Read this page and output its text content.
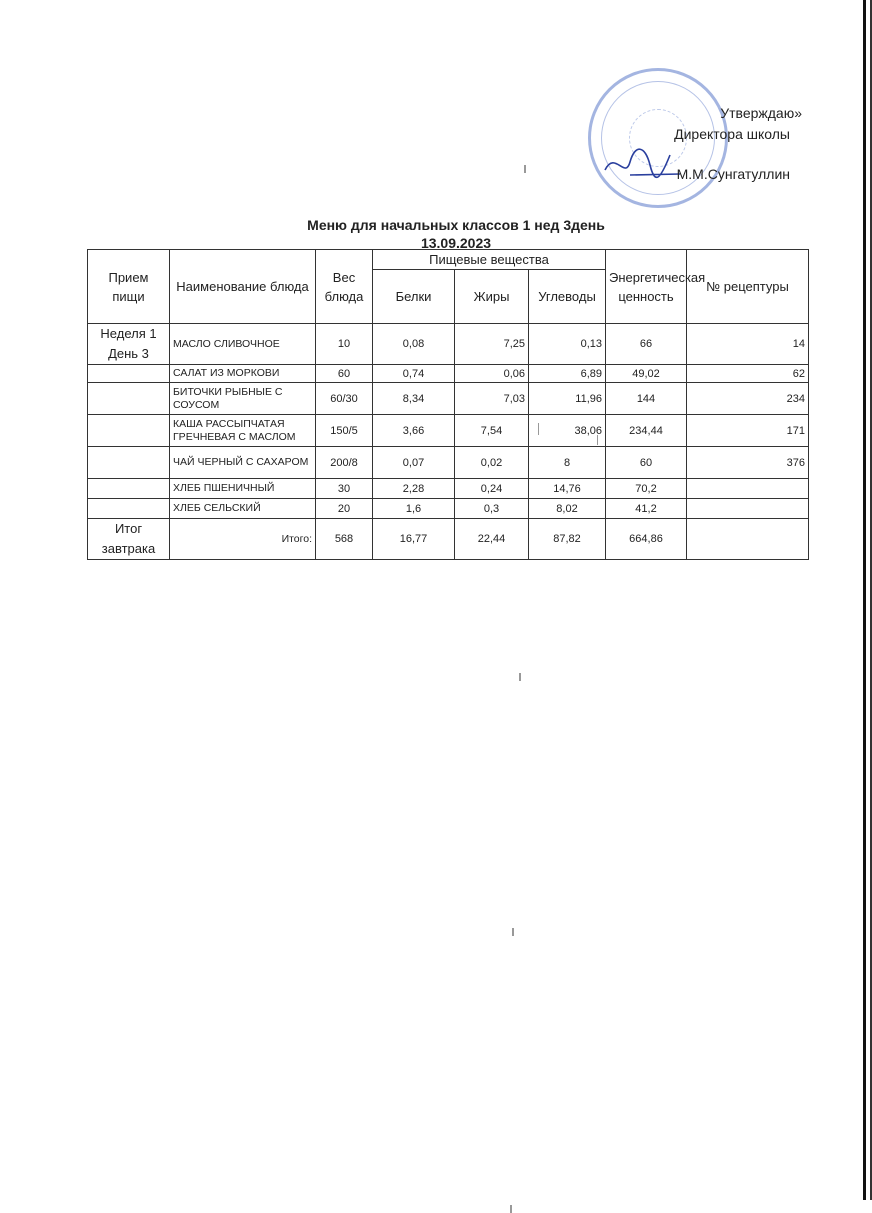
Утверждаю»
Директора школы
М.М.Сунгатуллин
Меню для начальных классов 1 нед 3день
13.09.2023
Прием пищи	Наименование блюда	Вес блюда	Пищевые вещества			Энергетическая ценность	№ рецептуры
			Белки	Жиры	Углеводы		
Неделя 1 День 3	МАСЛО СЛИВОЧНОЕ	10	0,08	7,25	0,13	66	14
	САЛАТ ИЗ МОРКОВИ	60	0,74	0,06	6,89	49,02	62
	БИТОЧКИ РЫБНЫЕ С СОУСОМ	60/30	8,34	7,03	11,96	144	234
	КАША РАССЫПЧАТАЯ ГРЕЧНЕВАЯ С МАСЛОМ	150/5	3,66	7,54	38,06	234,44	171
	ЧАЙ ЧЕРНЫЙ С САХАРОМ	200/8	0,07	0,02	8	60	376
	ХЛЕБ ПШЕНИЧНЫЙ	30	2,28	0,24	14,76	70,2	
	ХЛЕБ СЕЛЬСКИЙ	20	1,6	0,3	8,02	41,2	
Итог завтрака	Итого:	568	16,77	22,44	87,82	664,86	
